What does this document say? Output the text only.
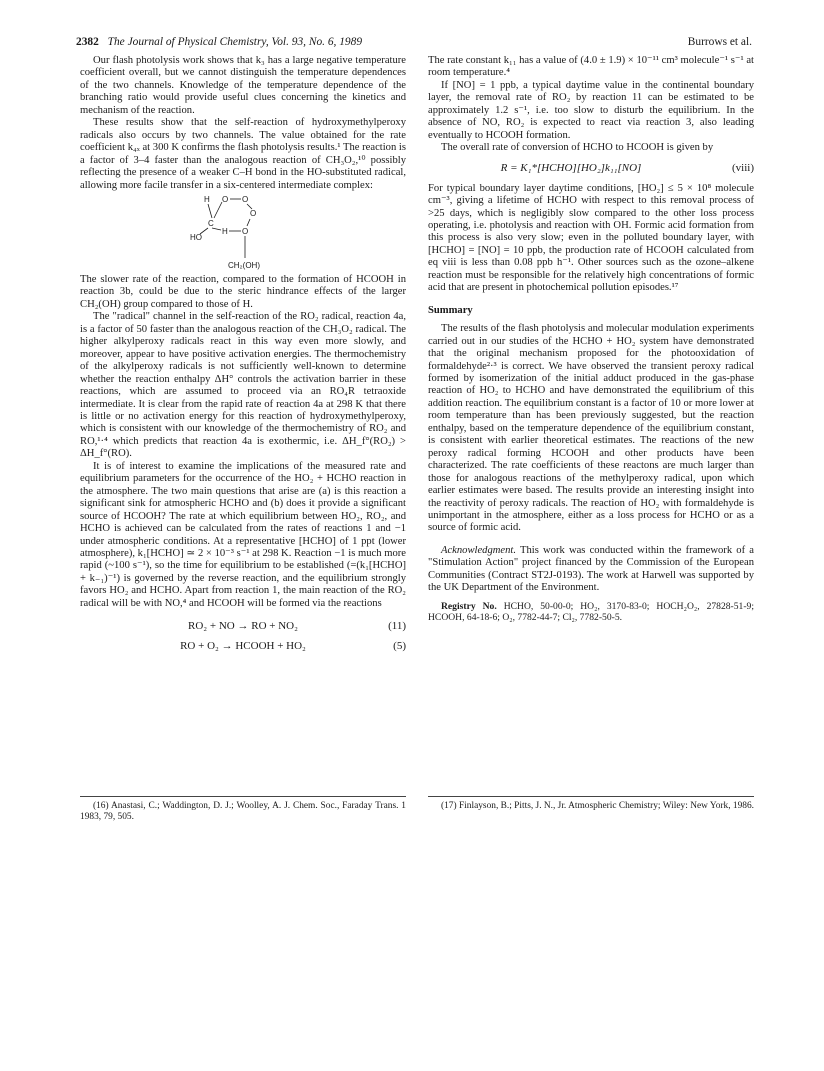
2382 The Journal of Physical Chemistry, Vol. 93, No. 6, 1989	Burrows et al.

Our flash photolysis work shows that k₃ has a large negative temperature coefficient overall, but we cannot distinguish the temperature dependences of the two channels. Knowledge of the temperature dependence of the branching ratio would provide useful clues concerning the kinetics and mechanism of the reaction.

These results show that the self-reaction of hydroxymethylperoxy radicals also occurs by two channels. The value obtained for the rate coefficient k₄ₓ at 300 K confirms the flash photolysis results.¹ The reaction is a factor of 3–4 faster than the analogous reaction of CH₃O₂,¹⁰ possibly reflecting the presence of a weaker C–H bond in the HO-substituted radical, allowing more facile transfer in a six-centered intermediate complex:

H
C
O O
O
H O
HO
CH₂(OH)

The slower rate of the reaction, compared to the formation of HCOOH in reaction 3b, could be due to the steric hindrance effects of the larger CH₂(OH) group compared to those of H.

The "radical" channel in the self-reaction of the RO₂ radical, reaction 4a, is a factor of 50 faster than the analogous reaction of the CH₃O₂ radical. The higher alkylperoxy radicals react in this way even more slowly, and moreover, appear to have positive activation energies. The thermochemistry of the alkylperoxy radicals is not sufficiently well-known to determine whether the reaction enthalpy ΔH° controls the activation barrier in these reactions, which are assumed to proceed via an RO₄R tetraoxide intermediate. It is clear from the rapid rate of reaction 4a at 298 K that there is little or no activation energy for this reaction of hydroxymethylperoxy, which is consistent with our knowledge of the thermochemistry of RO₂ and RO,¹·⁴ which predicts that reaction 4a is exothermic, i.e. ΔH_f°(RO₂) > ΔH_f°(RO).

It is of interest to examine the implications of the measured rate and equilibrium parameters for the occurrence of the HO₂ + HCHO reaction in the atmosphere. The two main questions that arise are (a) is this reaction a significant sink for atmospheric HCHO and (b) does it provide a significant source of HCOOH? The rate at which equilibrium between HO₂, RO₂, and HCHO is achieved can be calculated from the rates of reactions 1 and −1 under atmospheric conditions. At a representative [HCHO] of 1 ppt (lower atmosphere), k₁[HCHO] ≃ 2 × 10⁻³ s⁻¹ at 298 K. Reaction −1 is much more rapid (~100 s⁻¹), so the time for equilibrium to be established (=(k₁[HCHO] + k₋₁)⁻¹) is governed by the reverse reaction, and the equilibrium strongly favors HO₂ and HCHO. Apart from reaction 1, the main reaction of the RO₂ radical will be with NO,⁴ and HCOOH will be formed via the reactions

RO₂ + NO → RO + NO₂	(11)
RO + O₂ → HCOOH + HO₂	(5)

The rate constant k₁₁ has a value of (4.0 ± 1.9) × 10⁻¹¹ cm³ molecule⁻¹ s⁻¹ at room temperature.⁴

If [NO] = 1 ppb, a typical daytime value in the continental boundary layer, the removal rate of RO₂ by reaction 11 can be estimated to be approximately 1.2 s⁻¹, i.e. too slow to disturb the equilibrium. In the absence of NO, RO₂ is expected to react via reaction 3, also leading eventually to HCOOH formation.

The overall rate of conversion of HCHO to HCOOH is given by

R = K₁*[HCHO][HO₂]k₁₁[NO]	(viii)

For typical boundary layer daytime conditions, [HO₂] ≤ 5 × 10⁸ molecule cm⁻³, giving a lifetime of HCHO with respect to this removal process of >25 days, which is negligibly slow compared to the other loss process operating, i.e. photolysis and reaction with OH. Formic acid formation from this process is also very slow; even in the polluted boundary layer, with [HCHO] = [NO] = 10 ppb, the production rate of HCOOH calculated from eq viii is less than 0.08 ppb h⁻¹. Other sources such as the ozone–alkene reaction must be responsible for the relatively high concentrations of formic acid that are present in photochemical pollution episodes.¹⁷

Summary

The results of the flash photolysis and molecular modulation experiments carried out in our studies of the HCHO + HO₂ system have demonstrated that the original mechanism proposed for the photooxidation of formaldehyde²·³ is correct. We have observed the transient peroxy radical formed by isomerization of the initial adduct produced in the gas-phase reaction of HO₂ to HCHO and have demonstrated the equilibrium of this addition reaction. The equilibrium constant is a factor of 10 or more lower at room temperature than has been previously suggested, but the reaction enthalpy, based on the temperature dependence of the equilibrium constant, is consistent with earlier theoretical estimates. The reactions of the new peroxy radical forming HCOOH and other products have been characterized. The rate coefficients of these reactons are much larger than those for analogous reactions of the methylperoxy radical, upon which earlier estimates were based. The results provide an interesting insight into the reactivity of peroxy radicals. The reaction of HO₂ with formaldehyde is unimportant in the atmosphere, either as a loss process for HCHO or as a source of formic acid.

Acknowledgment. This work was conducted within the framework of a "Stimulation Action" project financed by the Commission of the European Communities (Contract ST2J-0193). The work at Harwell was supported by the UK Department of the Environment.

Registry No. HCHO, 50-00-0; HO₂, 3170-83-0; HOCH₂O₂, 27828-51-9; HCOOH, 64-18-6; O₂, 7782-44-7; Cl₂, 7782-50-5.

(16) Anastasi, C.; Waddington, D. J.; Woolley, A. J. Chem. Soc., Faraday Trans. 1 1983, 79, 505.

(17) Finlayson, B.; Pitts, J. N., Jr. Atmospheric Chemistry; Wiley: New York, 1986.
